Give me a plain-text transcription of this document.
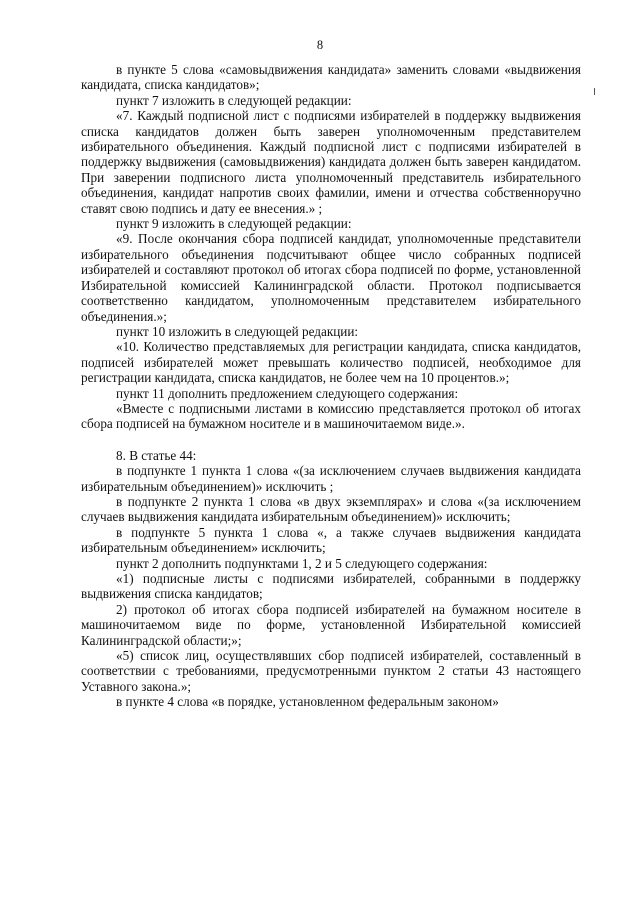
8

в пункте 5 слова «самовыдвижения кандидата» заменить словами «выдвижения кандидата, списка кандидатов»;

пункт 7 изложить в следующей редакции:

«7. Каждый подписной лист с подписями избирателей в поддержку выдвижения списка кандидатов должен быть заверен уполномоченным представителем избирательного объединения. Каждый подписной лист с подписями избирателей в поддержку выдвижения (самовыдвижения) кандидата должен быть заверен кандидатом. При заверении подписного листа уполномоченный представитель избирательного объединения, кандидат напротив своих фамилии, имени и отчества собственноручно ставят свою подпись и дату ее внесения.» ;

пункт 9 изложить в следующей редакции:

«9. После окончания сбора подписей кандидат, уполномоченные представители избирательного объединения подсчитывают общее число собранных подписей избирателей и составляют протокол об итогах сбора подписей по форме, установленной Избирательной комиссией Калининградской области. Протокол подписывается соответственно кандидатом, уполномоченным представителем избирательного объединения.»;

пункт 10 изложить в следующей редакции:

«10. Количество представляемых для регистрации кандидата, списка кандидатов, подписей избирателей может превышать количество подписей, необходимое для регистрации кандидата, списка кандидатов, не более чем на 10 процентов.»;

пункт 11 дополнить предложением следующего содержания:

«Вместе с подписными листами в комиссию представляется протокол об итогах сбора подписей на бумажном носителе и в машиночитаемом виде.».

8. В статье 44:

в подпункте 1 пункта 1 слова «(за исключением случаев выдвижения кандидата избирательным объединением)» исключить ;

в подпункте 2 пункта 1 слова «в двух экземплярах» и слова «(за исключением случаев выдвижения кандидата избирательным объединением)» исключить;

в подпункте 5 пункта 1 слова «, а также случаев выдвижения кандидата избирательным объединением» исключить;

пункт 2 дополнить подпунктами 1, 2 и 5 следующего содержания:

«1) подписные листы с подписями избирателей, собранными в поддержку выдвижения списка кандидатов;

2) протокол об итогах сбора подписей избирателей на бумажном носителе в машиночитаемом виде по форме, установленной Избирательной комиссией Калининградской области;»;

«5) список лиц, осуществлявших сбор подписей избирателей, составленный в соответствии с требованиями, предусмотренными пунктом 2 статьи 43 настоящего Уставного закона.»;

в пункте 4 слова «в порядке, установленном федеральным законом»
